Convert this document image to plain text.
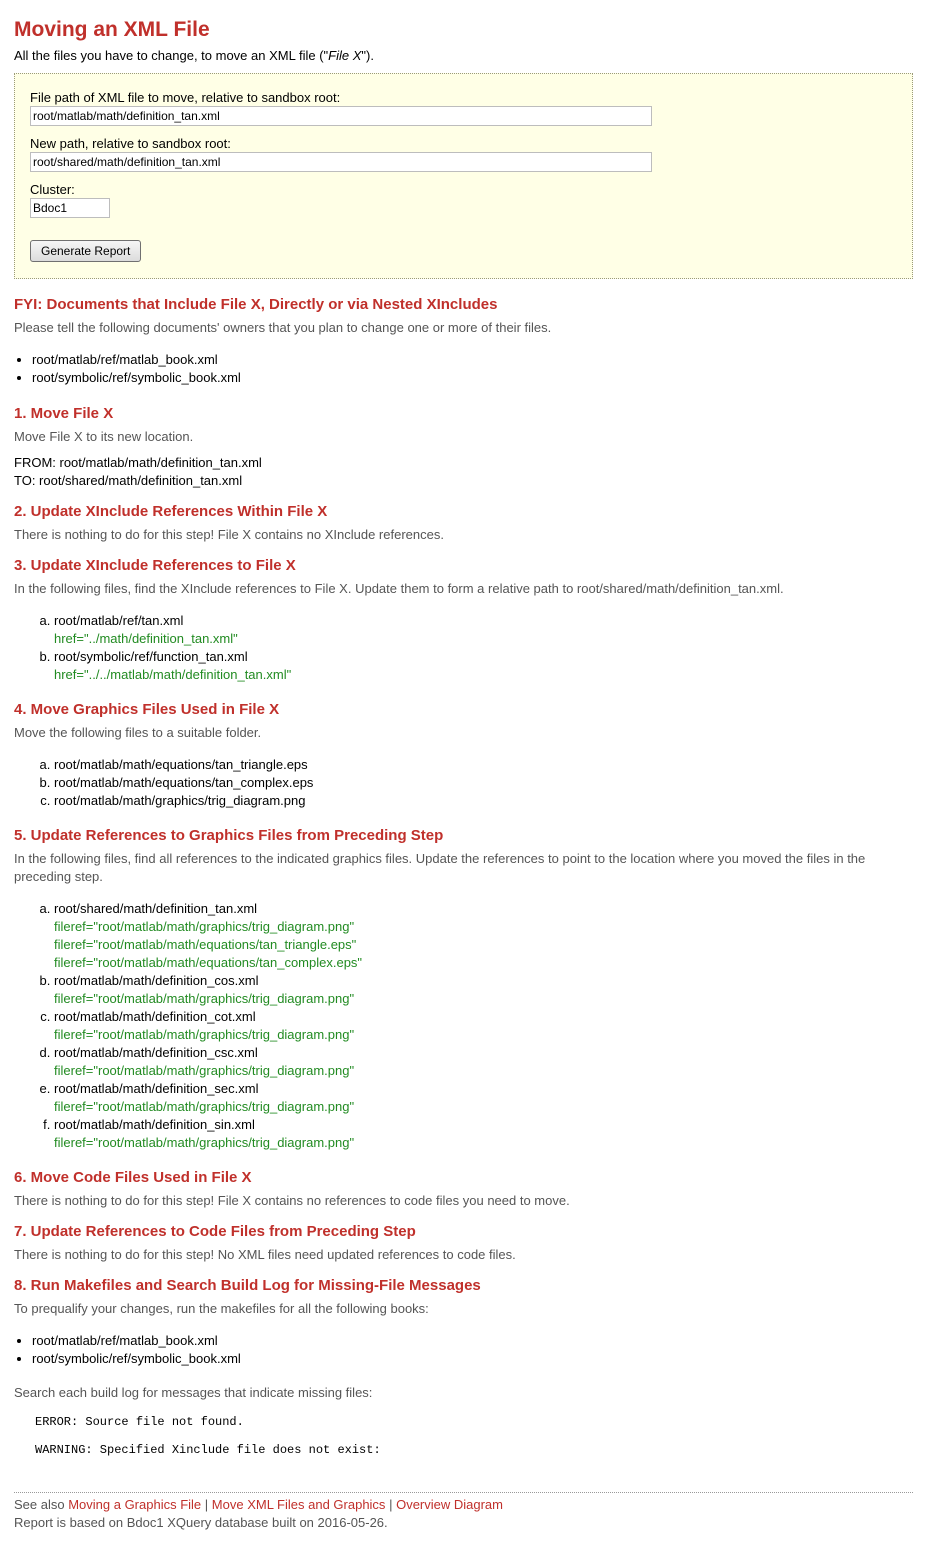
Moving an XML File

All the files you have to change, to move an XML file ("File X").

File path of XML file to move, relative to sandbox root:
root/matlab/math/definition_tan.xml
New path, relative to sandbox root:
root/shared/math/definition_tan.xml
Cluster:
Bdoc1
Generate Report
FYI: Documents that Include File X, Directly or via Nested XIncludes

Please tell the following documents' owners that you plan to change one or more of their files.

• root/matlab/ref/matlab_book.xml
• root/symbolic/ref/symbolic_book.xml
1. Move File X

Move File X to its new location.

FROM: root/matlab/math/definition_tan.xml
TO: root/shared/math/definition_tan.xml
2. Update XInclude References Within File X

There is nothing to do for this step! File X contains no XInclude references.

3. Update XInclude References to File X

In the following files, find the XInclude references to File X. Update them to form a relative path to root/shared/math/definition_tan.xml.

a. root/matlab/ref/tan.xml
href="../math/definition_tan.xml"
b. root/symbolic/ref/function_tan.xml
href="../../matlab/math/definition_tan.xml"
4. Move Graphics Files Used in File X

Move the following files to a suitable folder.

a. root/matlab/math/equations/tan_triangle.eps
b. root/matlab/math/equations/tan_complex.eps
c. root/matlab/math/graphics/trig_diagram.png
5. Update References to Graphics Files from Preceding Step

In the following files, find all references to the indicated graphics files. Update the references to point to the location where you moved the files in the preceding step.

a. root/shared/math/definition_tan.xml
fileref="root/matlab/math/graphics/trig_diagram.png"
fileref="root/matlab/math/equations/tan_triangle.eps"
fileref="root/matlab/math/equations/tan_complex.eps"
b. root/matlab/math/definition_cos.xml
fileref="root/matlab/math/graphics/trig_diagram.png"
c. root/matlab/math/definition_cot.xml
fileref="root/matlab/math/graphics/trig_diagram.png"
d. root/matlab/math/definition_csc.xml
fileref="root/matlab/math/graphics/trig_diagram.png"
e. root/matlab/math/definition_sec.xml
fileref="root/matlab/math/graphics/trig_diagram.png"
f. root/matlab/math/definition_sin.xml
fileref="root/matlab/math/graphics/trig_diagram.png"
6. Move Code Files Used in File X

There is nothing to do for this step! File X contains no references to code files you need to move.

7. Update References to Code Files from Preceding Step

There is nothing to do for this step! No XML files need updated references to code files.

8. Run Makefiles and Search Build Log for Missing-File Messages

To prequalify your changes, run the makefiles for all the following books:

• root/matlab/ref/matlab_book.xml
• root/symbolic/ref/symbolic_book.xml

Search each build log for messages that indicate missing files:

ERROR: Source file not found.
WARNING: Specified Xinclude file does not exist:
See also Moving a Graphics File | Move XML Files and Graphics | Overview Diagram
Report is based on Bdoc1 XQuery database built on 2016-05-26.
